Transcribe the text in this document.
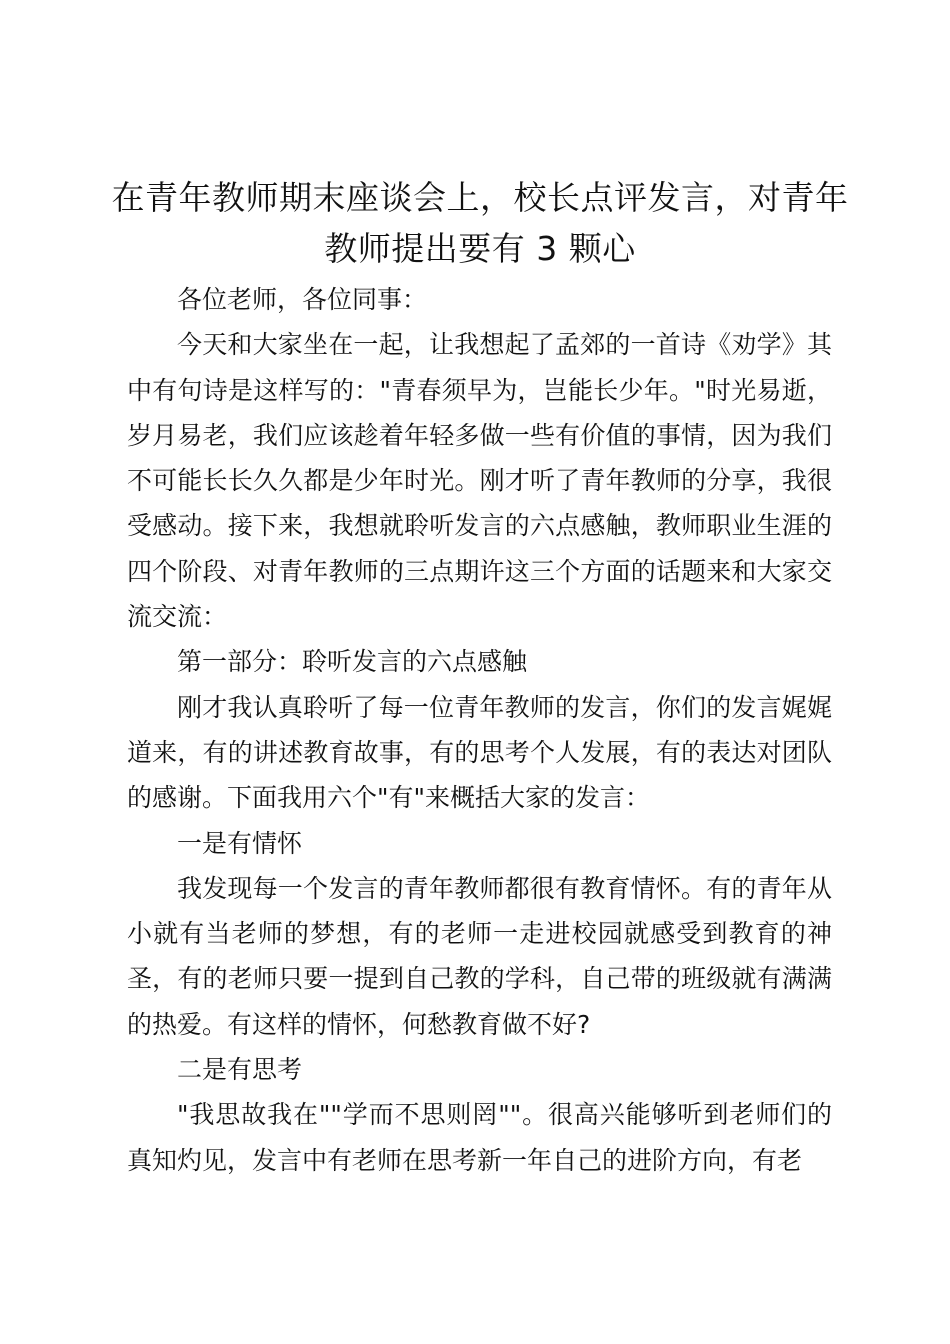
在青年教师期末座谈会上，校长点评发言，对青年教师提出要有 3 颗心

各位老师，各位同事：

今天和大家坐在一起，让我想起了孟郊的一首诗《劝学》其中有句诗是这样写的："青春须早为，岂能长少年。"时光易逝，岁月易老，我们应该趁着年轻多做一些有价值的事情，因为我们不可能长长久久都是少年时光。刚才听了青年教师的分享，我很受感动。接下来，我想就聆听发言的六点感触，教师职业生涯的四个阶段、对青年教师的三点期许这三个方面的话题来和大家交流交流：

第一部分：聆听发言的六点感触

刚才我认真聆听了每一位青年教师的发言，你们的发言娓娓道来，有的讲述教育故事，有的思考个人发展，有的表达对团队的感谢。下面我用六个"有"来概括大家的发言：

一是有情怀

我发现每一个发言的青年教师都很有教育情怀。有的青年从小就有当老师的梦想，有的老师一走进校园就感受到教育的神圣，有的老师只要一提到自己教的学科，自己带的班级就有满满的热爱。有这样的情怀，何愁教育做不好?

二是有思考

"我思故我在""学而不思则罔""。很高兴能够听到老师们的真知灼见，发言中有老师在思考新一年自己的进阶方向，有老
